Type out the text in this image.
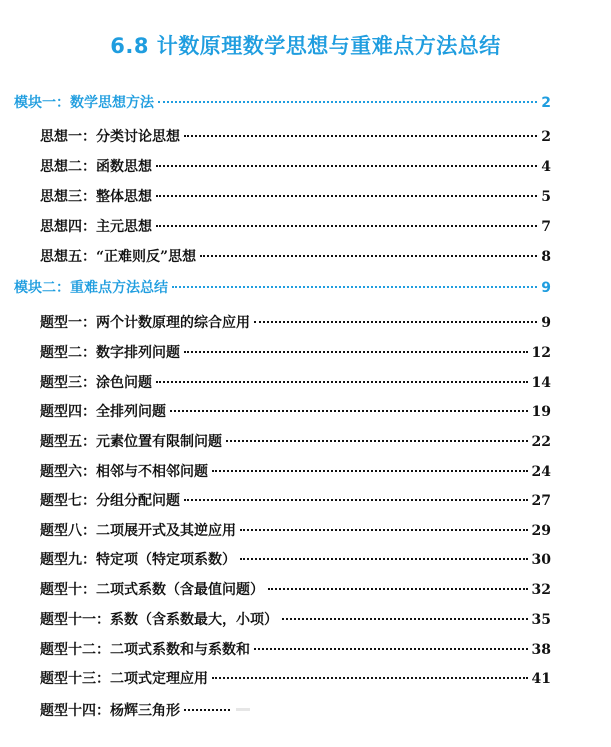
6.8 计数原理数学思想与重难点方法总结
模块一：数学思想方法	2
思想一：分类讨论思想	2
思想二：函数思想	4
思想三：整体思想	5
思想四：主元思想	7
思想五：“正难则反”思想	8
模块二：重难点方法总结	9
题型一：两个计数原理的综合应用	9
题型二：数字排列问题	12
题型三：涂色问题	14
题型四：全排列问题	19
题型五：元素位置有限制问题	22
题型六：相邻与不相邻问题	24
题型七：分组分配问题	27
题型八：二项展开式及其逆应用	29
题型九：特定项（特定项系数）	30
题型十：二项式系数（含最值问题）	32
题型十一：系数（含系数最大，小项）	35
题型十二：二项式系数和与系数和	38
题型十三：二项式定理应用	41
题型十四：杨辉三角形
